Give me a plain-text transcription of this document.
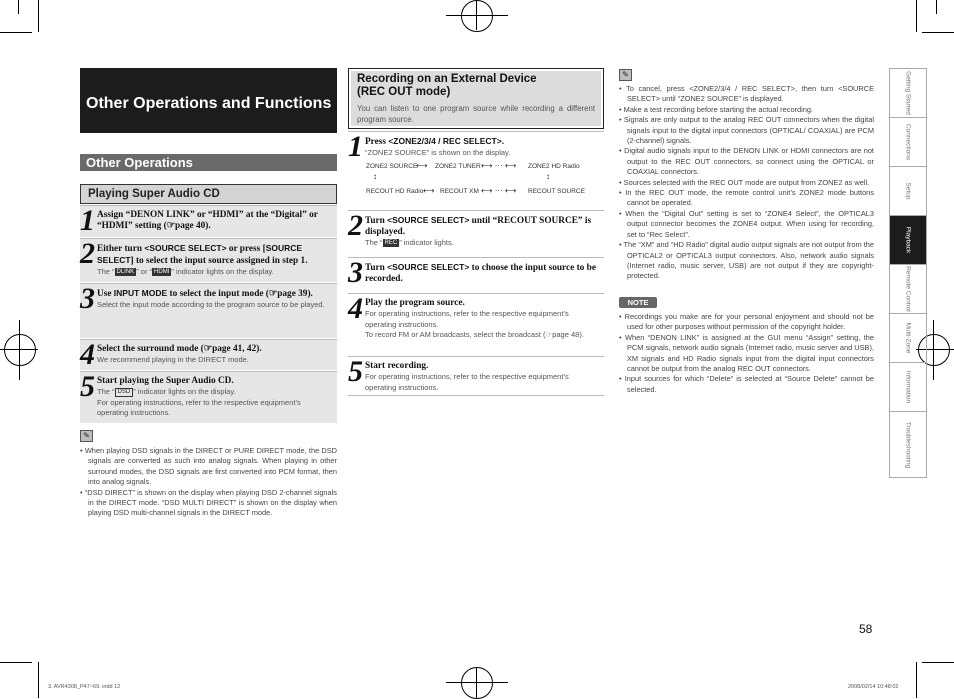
Other Operations and Functions
Other Operations
Playing Super Audio CD
1 Assign “DENON LINK” or “HDMI” at the “Digital” or “HDMI” setting (☞page 40).
2 Either turn <SOURCE SELECT> or press [SOURCE SELECT] to select the input source assigned in step 1.
The “ DLINK ” or “ HDMI ” indicator lights on the display.
3 Use INPUT MODE to select the input mode (☞page 39).
Select the input mode according to the program source to be played.
4 Select the surround mode (☞page 41, 42).
We recommend playing in the DIRECT mode.
5 Start playing the Super Audio CD.
The “ DSD ” indicator lights on the display.
For operating instructions, refer to the respective equipment’s operating instructions.
✎

• When playing DSD signals in the DIRECT or PURE DIRECT mode, the DSD signals are converted as such into analog signals. When playing in other surround modes, the DSD signals are first converted into PCM format, then into analog signals.

• “DSD DIRECT” is shown on the display when playing DSD 2-channel signals in the DIRECT mode. “DSD MULTI DIRECT” is shown on the display when playing DSD multi-channel signals in the DIRECT mode.

Recording on an External Device
(REC OUT mode)
You can listen to one program source while recording a different program source.
1 Press <ZONE2/3/4 / REC SELECT>.
“ZONE2 SOURCE” is shown on the display.
ZONE2 SOURCE
⟷ ZONE2 TUNER ⟷ ··· ⟷ ZONE2 HD Radio
↕	↕
RECOUT HD Radio ⟷ RECOUT XM ⟷ ··· ⟷ RECOUT SOURCE
2 Turn <SOURCE SELECT> until “RECOUT SOURCE” is displayed.
The “ REC ” indicator lights.
3 Turn <SOURCE SELECT> to choose the input source to be recorded.
4 Play the program source.
For operating instructions, refer to the respective equipment’s operating instructions.
To record FM or AM broadcasts, select the broadcast (☞page 48).
5 Start recording.
For operating instructions, refer to the respective equipment’s operating instructions.
✎

• To cancel, press <ZONE2/3/4 / REC SELECT>, then turn <SOURCE SELECT> until “ZONE2 SOURCE” is displayed.

• Make a test recording before starting the actual recording.

• Signals are only output to the analog REC OUT connectors when the digital signals input to the digital input connectors (OPTICAL/ COAXIAL) are PCM (2-channel) signals.

• Digital audio signals input to the DENON LINK or HDMI connectors are not output to the REC OUT connectors, so connect using the OPTICAL or COAXIAL connectors.

• Sources selected with the REC OUT mode are output from ZONE2 as well.

• In the REC OUT mode, the remote control unit’s ZONE2 mode buttons cannot be operated.

• When the “Digital Out” setting is set to “ZONE4 Select”, the OPTICAL3 output connector becomes the ZONE4 output. When using for recording, set to “Rec Select”.

• The “XM” and “HD Radio” digital audio output signals are not output from the OPTICAL2 or OPTICAL3 output connectors. Also, network audio signals (Internet radio, music server, USB) are not output if they are copyright-protected.

NOTE

• Recordings you make are for your personal enjoyment and should not be used for other purposes without permission of the copyright holder.

• When “DENON LINK” is assigned at the GUI menu “Assign” setting, the PCM signals, network audio signals (Internet radio, music server and USB), XM signals and HD Radio signals input from the digital input connectors cannot be output from the analog REC OUT connectors.

• Input sources for which “Delete” is selected at “Source Delete” cannot be selected.

Getting Started
Connections
Setup
Playback
Remote Control
Multi-Zone
Information
Troubleshooting
58
3. AVR4308_P47~69. indd 12	2008/02/14 10:48:02
